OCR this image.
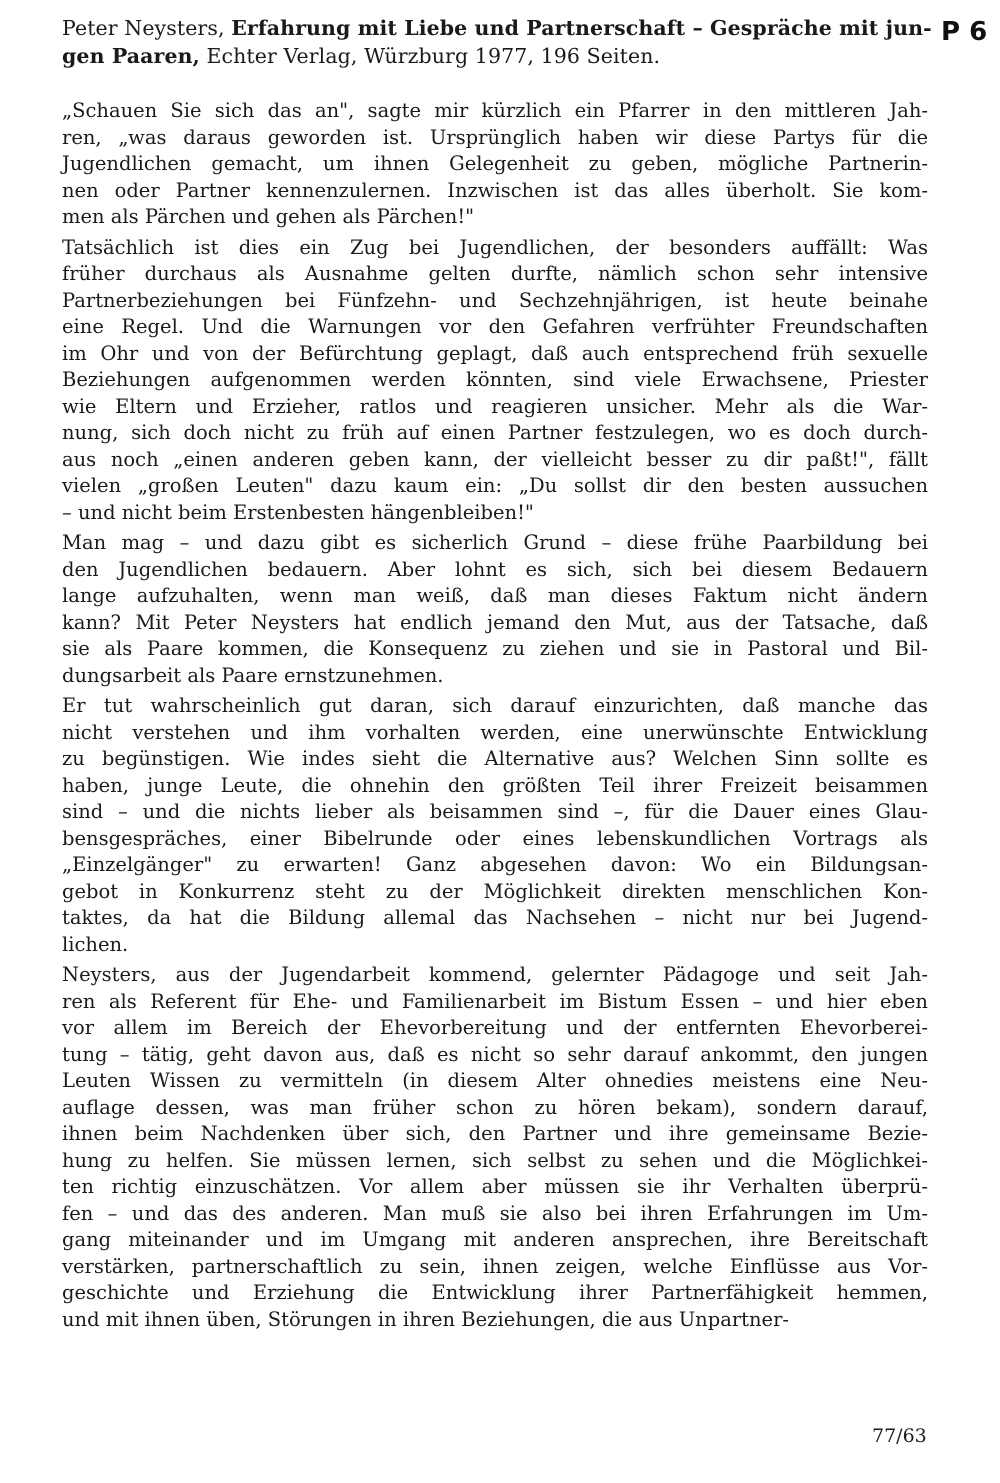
Peter Neysters, Erfahrung mit Liebe und Partnerschaft – Gespräche mit jun-
gen Paaren, Echter Verlag, Würzburg 1977, 196 Seiten.
P 6
„Schauen Sie sich das an", sagte mir kürzlich ein Pfarrer in den mittleren Jah-
ren, „was daraus geworden ist. Ursprünglich haben wir diese Partys für die
Jugendlichen gemacht, um ihnen Gelegenheit zu geben, mögliche Partnerin-
nen oder Partner kennenzulernen. Inzwischen ist das alles überholt. Sie kom-
men als Pärchen und gehen als Pärchen!"
Tatsächlich ist dies ein Zug bei Jugendlichen, der besonders auffällt: Was
früher durchaus als Ausnahme gelten durfte, nämlich schon sehr intensive
Partnerbeziehungen bei Fünfzehn- und Sechzehnjährigen, ist heute beinahe
eine Regel. Und die Warnungen vor den Gefahren verfrühter Freundschaften
im Ohr und von der Befürchtung geplagt, daß auch entsprechend früh sexuelle
Beziehungen aufgenommen werden könnten, sind viele Erwachsene, Priester
wie Eltern und Erzieher, ratlos und reagieren unsicher. Mehr als die War-
nung, sich doch nicht zu früh auf einen Partner festzulegen, wo es doch durch-
aus noch „einen anderen geben kann, der vielleicht besser zu dir paßt!", fällt
vielen „großen Leuten" dazu kaum ein: „Du sollst dir den besten aussuchen
– und nicht beim Erstenbesten hängenbleiben!"
Man mag – und dazu gibt es sicherlich Grund – diese frühe Paarbildung bei
den Jugendlichen bedauern. Aber lohnt es sich, sich bei diesem Bedauern
lange aufzuhalten, wenn man weiß, daß man dieses Faktum nicht ändern
kann? Mit Peter Neysters hat endlich jemand den Mut, aus der Tatsache, daß
sie als Paare kommen, die Konsequenz zu ziehen und sie in Pastoral und Bil-
dungsarbeit als Paare ernstzunehmen.
Er tut wahrscheinlich gut daran, sich darauf einzurichten, daß manche das
nicht verstehen und ihm vorhalten werden, eine unerwünschte Entwicklung
zu begünstigen. Wie indes sieht die Alternative aus? Welchen Sinn sollte es
haben, junge Leute, die ohnehin den größten Teil ihrer Freizeit beisammen
sind – und die nichts lieber als beisammen sind –, für die Dauer eines Glau-
bensgespräches, einer Bibelrunde oder eines lebenskundlichen Vortrags als
„Einzelgänger" zu erwarten! Ganz abgesehen davon: Wo ein Bildungsan-
gebot in Konkurrenz steht zu der Möglichkeit direkten menschlichen Kon-
taktes, da hat die Bildung allemal das Nachsehen – nicht nur bei Jugend-
lichen.
Neysters, aus der Jugendarbeit kommend, gelernter Pädagoge und seit Jah-
ren als Referent für Ehe- und Familienarbeit im Bistum Essen – und hier eben
vor allem im Bereich der Ehevorbereitung und der entfernten Ehevorberei-
tung – tätig, geht davon aus, daß es nicht so sehr darauf ankommt, den jungen
Leuten Wissen zu vermitteln (in diesem Alter ohnedies meistens eine Neu-
auflage dessen, was man früher schon zu hören bekam), sondern darauf,
ihnen beim Nachdenken über sich, den Partner und ihre gemeinsame Bezie-
hung zu helfen. Sie müssen lernen, sich selbst zu sehen und die Möglichkei-
ten richtig einzuschätzen. Vor allem aber müssen sie ihr Verhalten überprü-
fen – und das des anderen. Man muß sie also bei ihren Erfahrungen im Um-
gang miteinander und im Umgang mit anderen ansprechen, ihre Bereitschaft
verstärken, partnerschaftlich zu sein, ihnen zeigen, welche Einflüsse aus Vor-
geschichte und Erziehung die Entwicklung ihrer Partnerfähigkeit hemmen,
und mit ihnen üben, Störungen in ihren Beziehungen, die aus Unpartner-
77/63
